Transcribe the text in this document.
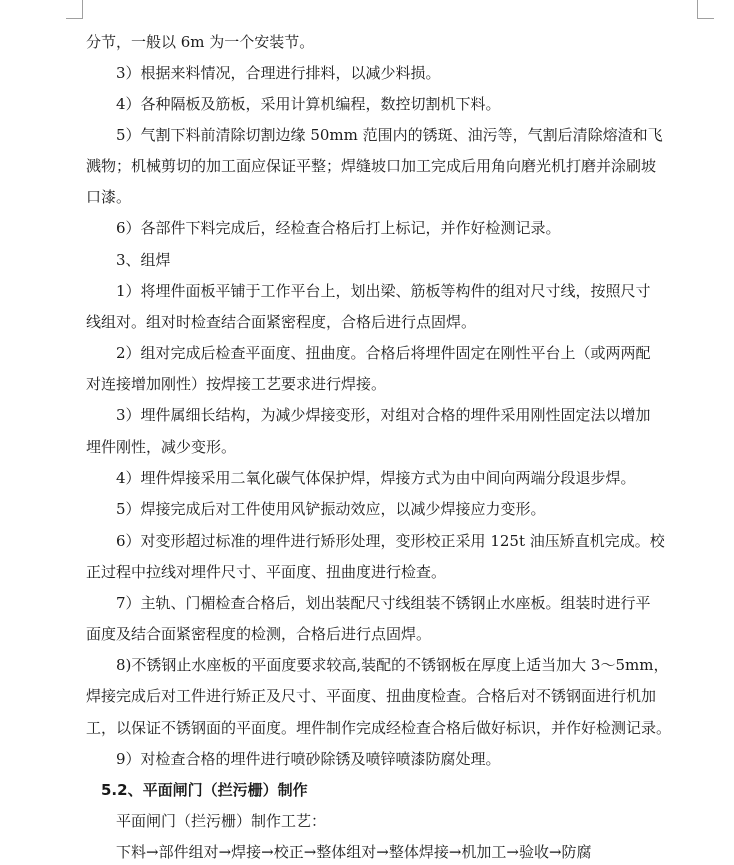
分节，一般以 6m 为一个安装节。
3）根据来料情况，合理进行排料，以减少料损。
4）各种隔板及筋板，采用计算机编程，数控切割机下料。
5）气割下料前清除切割边缘 50mm 范围内的锈斑、油污等，气割后清除熔渣和飞
溅物；机械剪切的加工面应保证平整；焊缝坡口加工完成后用角向磨光机打磨并涂刷坡
口漆。
6）各部件下料完成后，经检查合格后打上标记，并作好检测记录。
3、组焊
1）将埋件面板平铺于工作平台上，划出梁、筋板等构件的组对尺寸线，按照尺寸
线组对。组对时检查结合面紧密程度，合格后进行点固焊。
2）组对完成后检查平面度、扭曲度。合格后将埋件固定在刚性平台上（或两两配
对连接增加刚性）按焊接工艺要求进行焊接。
3）埋件属细长结构，为减少焊接变形，对组对合格的埋件采用刚性固定法以增加
埋件刚性，减少变形。
4）埋件焊接采用二氧化碳气体保护焊，焊接方式为由中间向两端分段退步焊。
5）焊接完成后对工件使用风铲振动效应，以减少焊接应力变形。
6）对变形超过标准的埋件进行矫形处理，变形校正采用 125t 油压矫直机完成。校
正过程中拉线对埋件尺寸、平面度、扭曲度进行检查。
7）主轨、门楣检查合格后，划出装配尺寸线组装不锈钢止水座板。组装时进行平
面度及结合面紧密程度的检测，合格后进行点固焊。
8)不锈钢止水座板的平面度要求较高,装配的不锈钢板在厚度上适当加大 3～5mm，
焊接完成后对工件进行矫正及尺寸、平面度、扭曲度检查。合格后对不锈钢面进行机加
工，以保证不锈钢面的平面度。埋件制作完成经检查合格后做好标识，并作好检测记录。
9）对检查合格的埋件进行喷砂除锈及喷锌喷漆防腐处理。
5.2、平面闸门（拦污栅）制作
平面闸门（拦污栅）制作工艺：
下料→部件组对→焊接→校正→整体组对→整体焊接→机加工→验收→防腐
